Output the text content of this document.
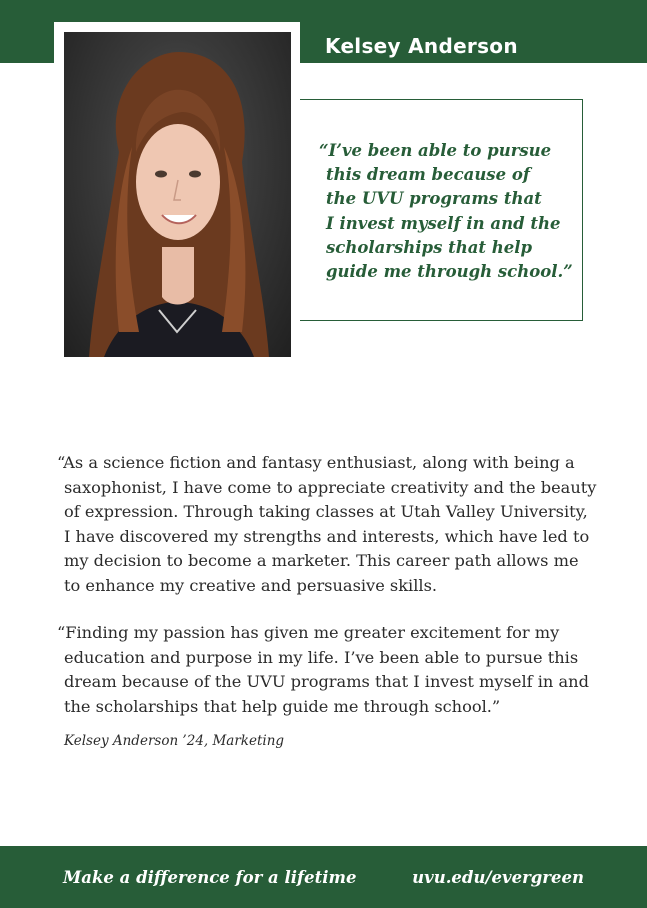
Kelsey Anderson
“I’ve been able to pursue
this dream because of
the UVU programs that
I invest myself in and the
scholarships that help
guide me through school.”
“As a science fiction and fantasy enthusiast, along with being a
saxophonist, I have come to appreciate creativity and the beauty
of expression. Through taking classes at Utah Valley University,
I have discovered my strengths and interests, which have led to
my decision to become a marketer. This career path allows me
to enhance my creative and persuasive skills.
“Finding my passion has given me greater excitement for my
education and purpose in my life. I’ve been able to pursue this
dream because of the UVU programs that I invest myself in and
the scholarships that help guide me through school.”
Kelsey Anderson ’24, Marketing
Make a difference for a lifetime	uvu.edu/evergreen
